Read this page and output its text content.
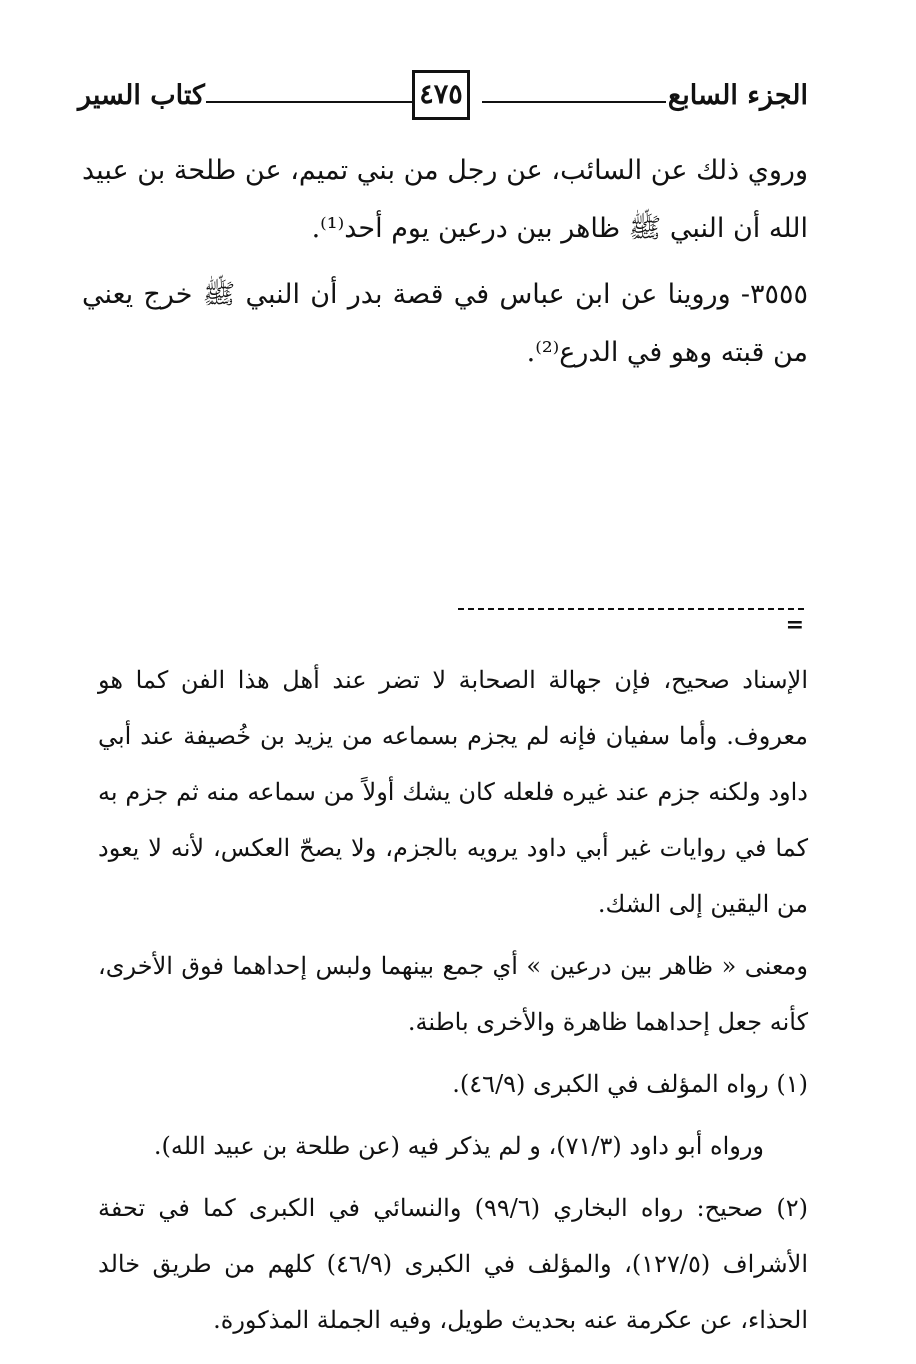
الجزء السابع
٤٧٥
كتاب السير

وروي ذلك عن السائب، عن رجل من بني تميم، عن طلحة بن عبيد الله أن النبي ﷺ ظاهر بين درعين يوم أحد⁽¹⁾.

٣٥٥٥- وروينا عن ابن عباس في قصة بدر أن النبي ﷺ خرج يعني من قبته وهو في الدرع⁽²⁾.

=

الإسناد صحيح، فإن جهالة الصحابة لا تضر عند أهل هذا الفن كما هو معروف. وأما سفيان فإنه لم يجزم بسماعه من يزيد بن خُصيفة عند أبي داود ولكنه جزم عند غيره فلعله كان يشك أولاً من سماعه منه ثم جزم به كما في روايات غير أبي داود يرويه بالجزم، ولا يصحّ العكس، لأنه لا يعود من اليقين إلى الشك.

ومعنى « ظاهر بين درعين » أي جمع بينهما ولبس إحداهما فوق الأخرى، كأنه جعل إحداهما ظاهرة والأخرى باطنة.

(١) رواه المؤلف في الكبرى (٤٦/٩).

ورواه أبو داود (٧١/٣)، و لم يذكر فيه (عن طلحة بن عبيد الله).

(٢) صحيح: رواه البخاري (٩٩/٦) والنسائي في الكبرى كما في تحفة الأشراف (١٢٧/٥)، والمؤلف في الكبرى (٤٦/٩) كلهم من طريق خالد الحذاء، عن عكرمة عنه بحديث طويل، وفيه الجملة المذكورة.
